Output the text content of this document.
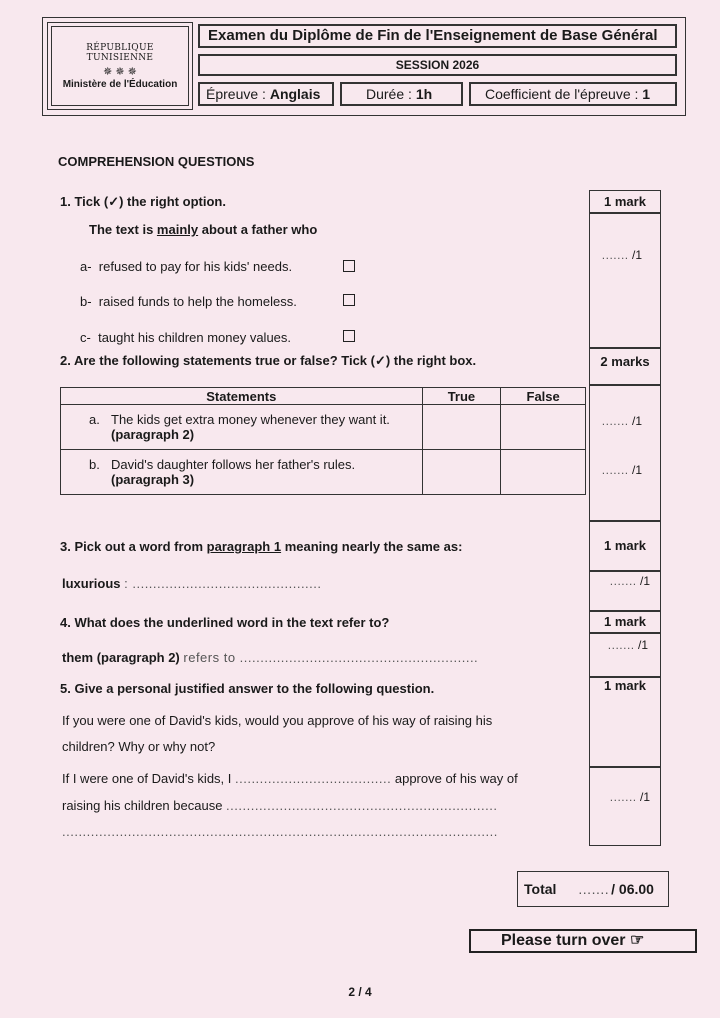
RÉPUBLIQUE TUNISIENNE
✵ ✵ ✵
Ministère de l'Éducation
Examen du Diplôme de Fin de l'Enseignement de Base Général
SESSION 2026
Épreuve : Anglais	Durée : 1h	Coefficient de l'épreuve : 1
COMPREHENSION QUESTIONS
1 mark
....... /1
2 marks
....... /1
....... /1
1 mark
....... /1
1 mark
....... /1
1 mark
....... /1
1. Tick (✓) the right option.
The text is mainly about a father who
a- refused to pay for his kids' needs.
b- raised funds to help the homeless.
c- taught his children money values.
2. Are the following statements true or false? Tick (✓) the right box.
Statements	True	False

a. The kids get extra money whenever they want it. (paragraph 2)		

b. David's daughter follows her father's rules. (paragraph 3)		

3. Pick out a word from paragraph 1 meaning nearly the same as:
luxurious : ..............................................
4. What does the underlined word in the text refer to?
them (paragraph 2) refers to ..........................................................
5. Give a personal justified answer to the following question.
If you were one of David's kids, would you approve of his way of raising his
children? Why or why not?
If I were one of David's kids, I ...................................... approve of his way of
raising his children because ..................................................................
..........................................................................................................
Total ....... / 06.00
Please turn over ☞
2 / 4
